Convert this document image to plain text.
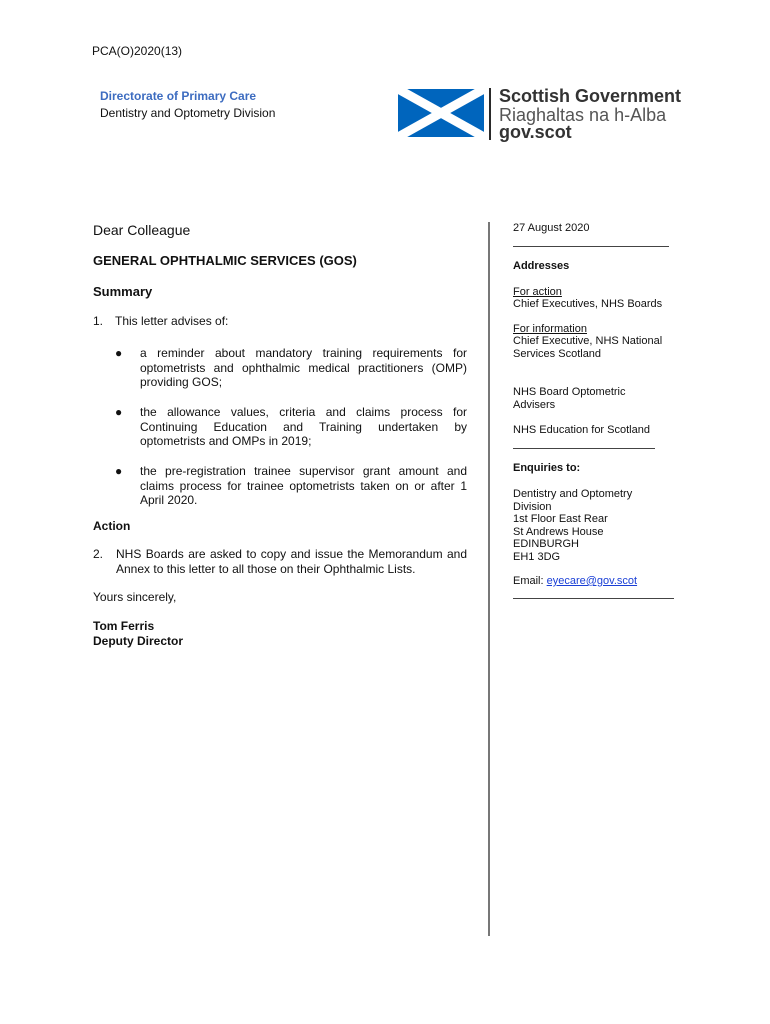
PCA(O)2020(13)
Directorate of Primary Care
Dentistry and Optometry Division
Scottish Government
Riaghaltas na h-Alba
gov.scot
Dear Colleague
GENERAL OPHTHALMIC SERVICES (GOS)
Summary
1. This letter advises of:
● a reminder about mandatory training requirements for optometrists and ophthalmic medical practitioners (OMP) providing GOS;
● the allowance values, criteria and claims process for Continuing Education and Training undertaken by optometrists and OMPs in 2019;
● the pre-registration trainee supervisor grant amount and claims process for trainee optometrists taken on or after 1 April 2020.
Action
2. NHS Boards are asked to copy and issue the Memorandum and Annex to this letter to all those on their Ophthalmic Lists.
Yours sincerely,
Tom Ferris
Deputy Director
27 August 2020
Addresses
For action
Chief Executives, NHS Boards
For information
Chief Executive, NHS National Services Scotland
NHS Board Optometric Advisers
NHS Education for Scotland
Enquiries to:
Dentistry and Optometry Division
1st Floor East Rear
St Andrews House
EDINBURGH
EH1 3DG
Email: eyecare@gov.scot
